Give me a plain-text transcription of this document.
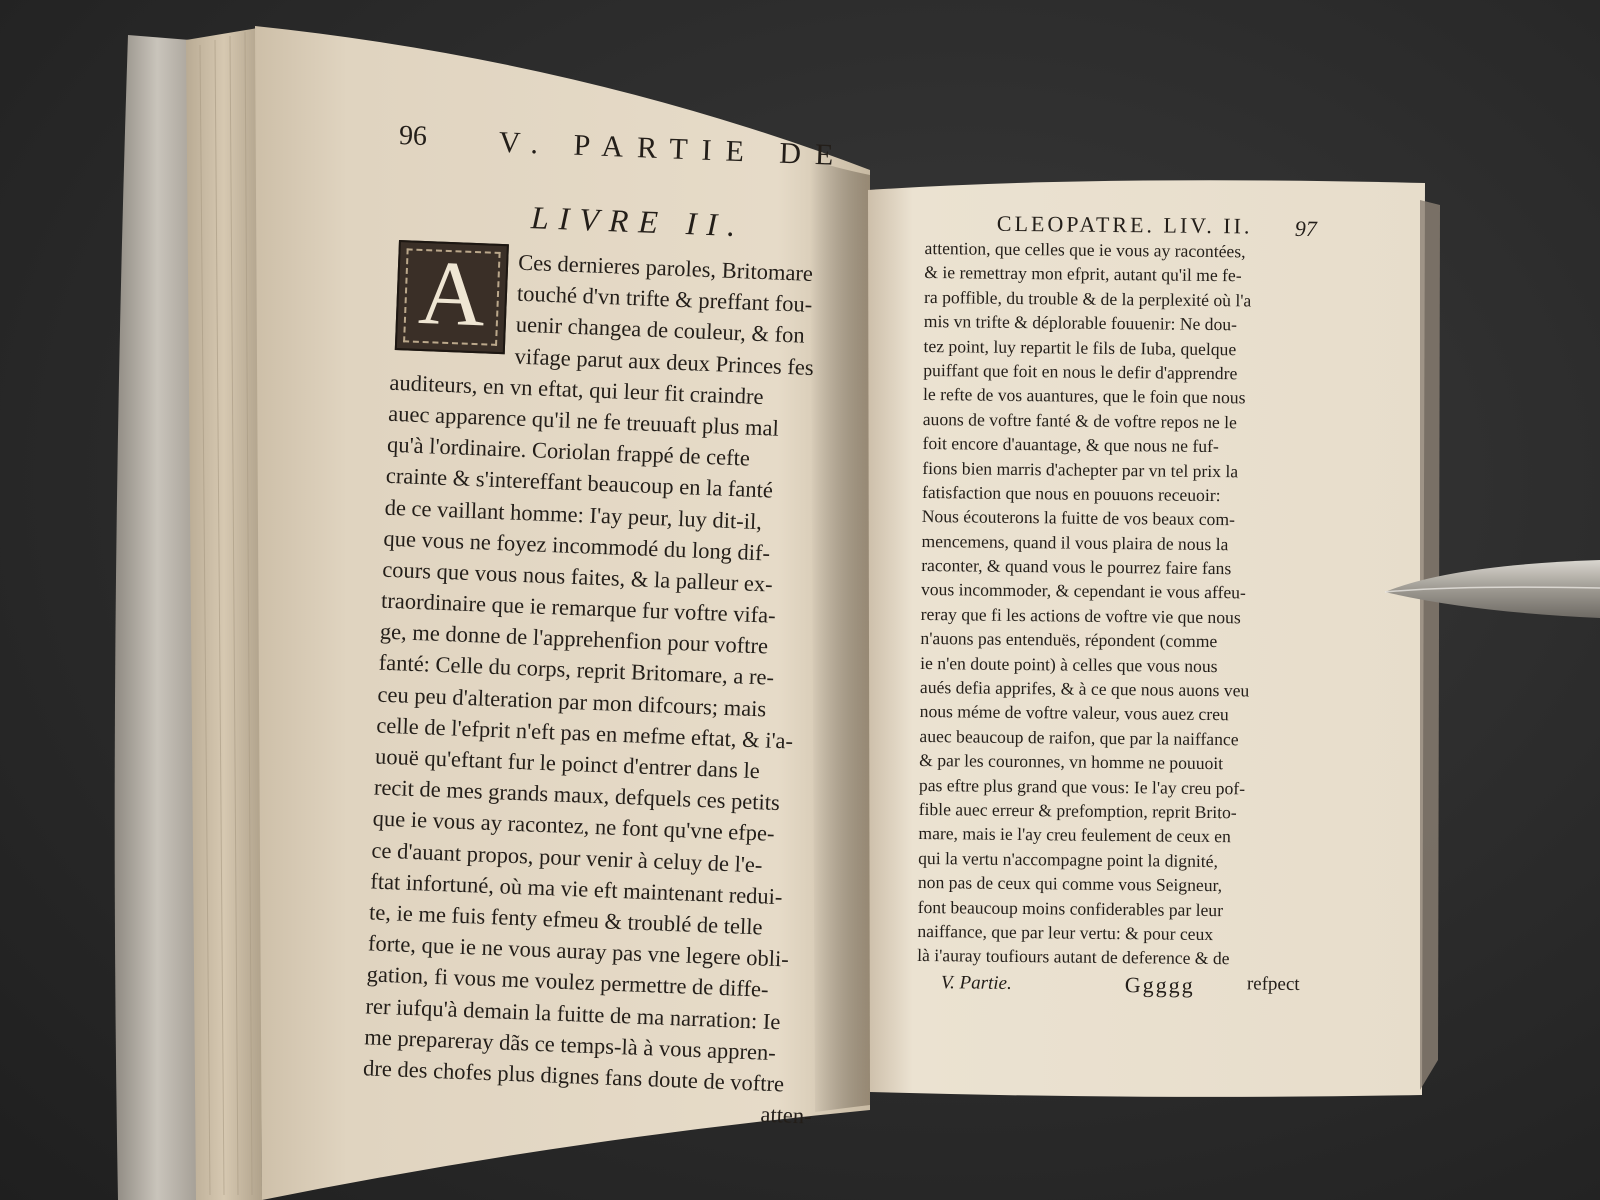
96 V. PARTIE DE
LIVRE II.
A	Ces dernieres paroles, Britomare
touché d'vn trifte & preffant fou-
uenir changea de couleur, & fon
vifage parut aux deux Princes fes
auditeurs, en vn eftat, qui leur fit craindre
auec apparence qu'il ne fe treuuaft plus mal
qu'à l'ordinaire. Coriolan frappé de cefte
crainte & s'intereffant beaucoup en la fanté
de ce vaillant homme: I'ay peur, luy dit-il,
que vous ne foyez incommodé du long dif-
cours que vous nous faites, & la palleur ex-
traordinaire que ie remarque fur voftre vifa-
ge, me donne de l'apprehenfion pour voftre
fanté: Celle du corps, reprit Britomare, a re-
ceu peu d'alteration par mon difcours; mais
celle de l'efprit n'eft pas en mefme eftat, & i'a-
uouë qu'eftant fur le poinct d'entrer dans le
recit de mes grands maux, defquels ces petits
que ie vous ay racontez, ne font qu'vne efpe-
ce d'auant propos, pour venir à celuy de l'e-
ftat infortuné, où ma vie eft maintenant redui-
te, ie me fuis fenty efmeu & troublé de telle
forte, que ie ne vous auray pas vne legere obli-
gation, fi vous me voulez permettre de diffe-
rer iufqu'à demain la fuitte de ma narration: Ie
me prepareray dãs ce temps-là à vous appren-
dre des chofes plus dignes fans doute de voftre
atten-
CLEOPATRE. LIV. II. 97
attention, que celles que ie vous ay racontées,
& ie remettray mon efprit, autant qu'il me fe-
ra poffible, du trouble & de la perplexité où l'a
mis vn trifte & déplorable fouuenir: Ne dou-
tez point, luy repartit le fils de Iuba, quelque
puiffant que foit en nous le defir d'apprendre
le refte de vos auantures, que le foin que nous
auons de voftre fanté & de voftre repos ne le
foit encore d'auantage, & que nous ne fuf-
fions bien marris d'achepter par vn tel prix la
fatisfaction que nous en pouuons receuoir:
Nous écouterons la fuitte de vos beaux com-
mencemens, quand il vous plaira de nous la
raconter, & quand vous le pourrez faire fans
vous incommoder, & cependant ie vous affeu-
reray que fi les actions de voftre vie que nous
n'auons pas entenduës, répondent (comme
ie n'en doute point) à celles que vous nous
aués defia apprifes, & à ce que nous auons veu
nous méme de voftre valeur, vous auez creu
auec beaucoup de raifon, que par la naiffance
& par les couronnes, vn homme ne pouuoit
pas eftre plus grand que vous: Ie l'ay creu pof-
fible auec erreur & prefomption, reprit Brito-
mare, mais ie l'ay creu feulement de ceux en
qui la vertu n'accompagne point la dignité,
non pas de ceux qui comme vous Seigneur,
font beaucoup moins confiderables par leur
naiffance, que par leur vertu: & pour ceux
là i'auray toufiours autant de deference & de
V. Partie.	Ggggg	refpect
